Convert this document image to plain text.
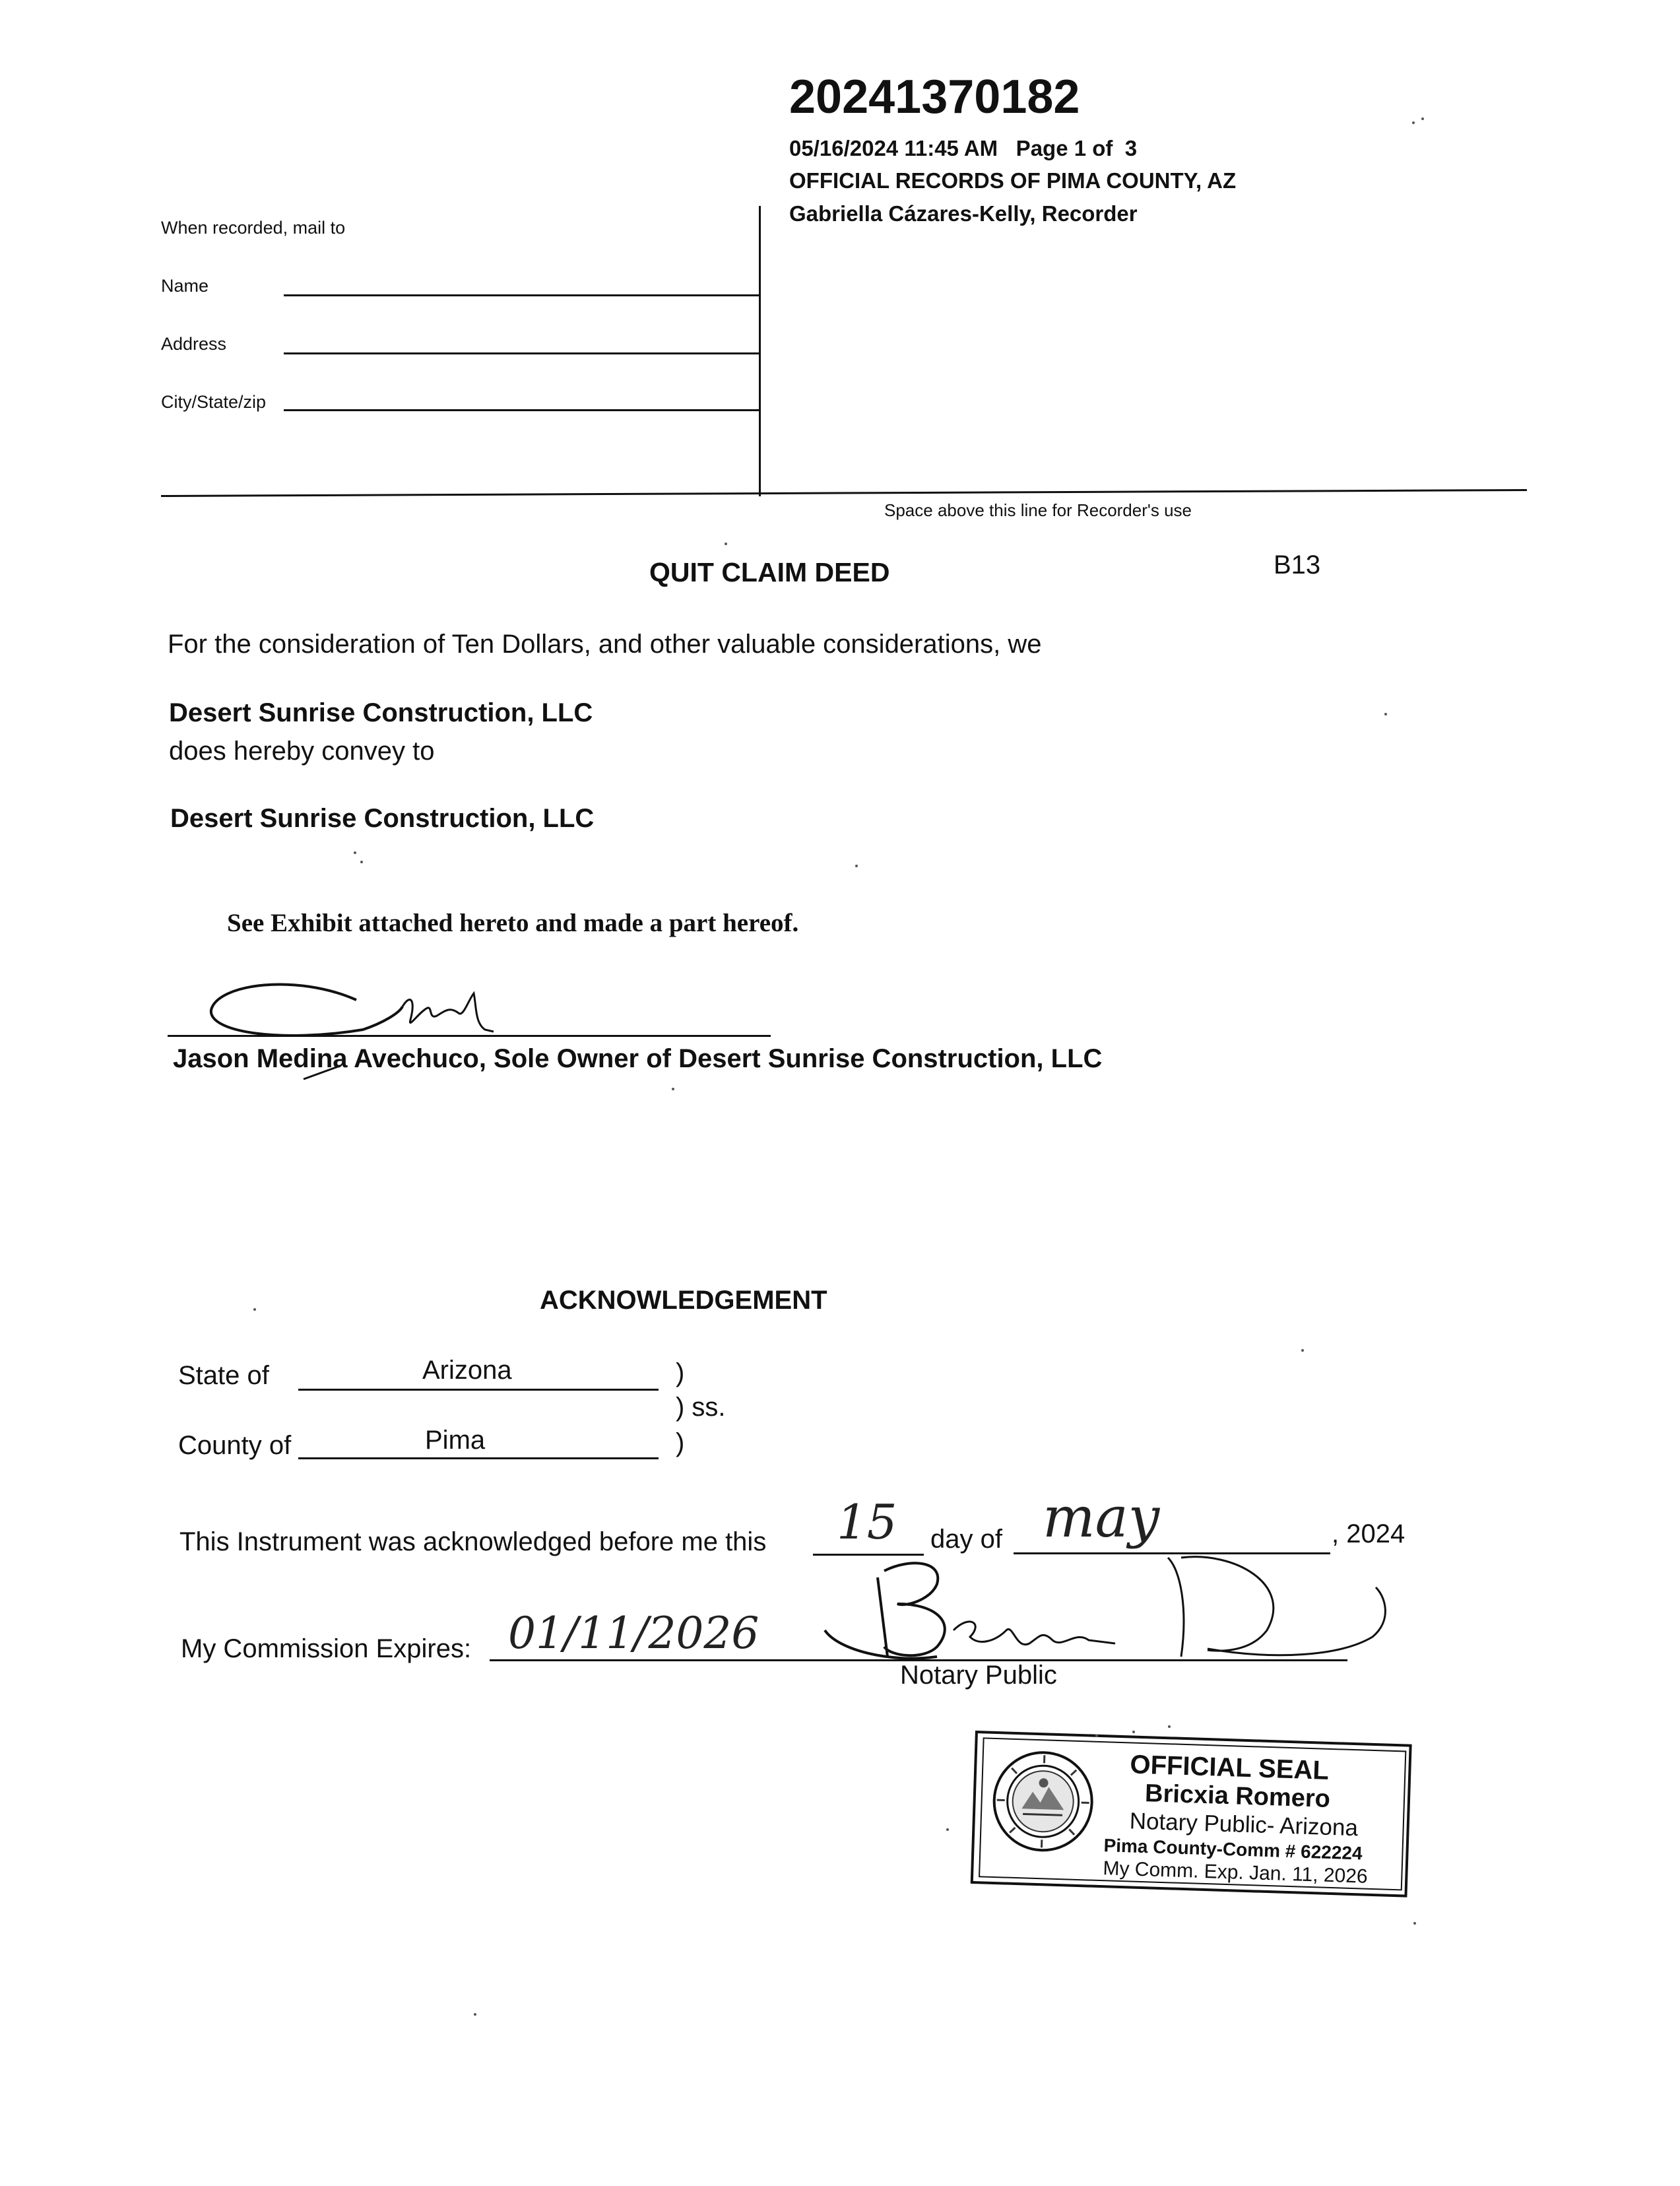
20241370182
05/16/2024 11:45 AM   Page 1 of  3
OFFICIAL RECORDS OF PIMA COUNTY, AZ
Gabriella Cázares-Kelly, Recorder
When recorded, mail to
Name
Address
City/State/zip
Space above this line for Recorder's use
QUIT CLAIM DEED	B13
For the consideration of Ten Dollars, and other valuable considerations, we
Desert Sunrise Construction, LLC
does hereby convey to
Desert Sunrise Construction, LLC
See Exhibit attached hereto and made a part hereof.
Jason Medina Avechuco, Sole Owner of Desert Sunrise Construction, LLC
ACKNOWLEDGEMENT
State of	Arizona	)
) ss.
County of	Pima	)
This Instrument was acknowledged before me this 15 day of may	, 2024
My Commission Expires: 01/11/2026
Notary Public
OFFICIAL SEAL
Bricxia Romero
Notary Public- Arizona
Pima County-Comm # 622224
My Comm. Exp. Jan. 11, 2026
